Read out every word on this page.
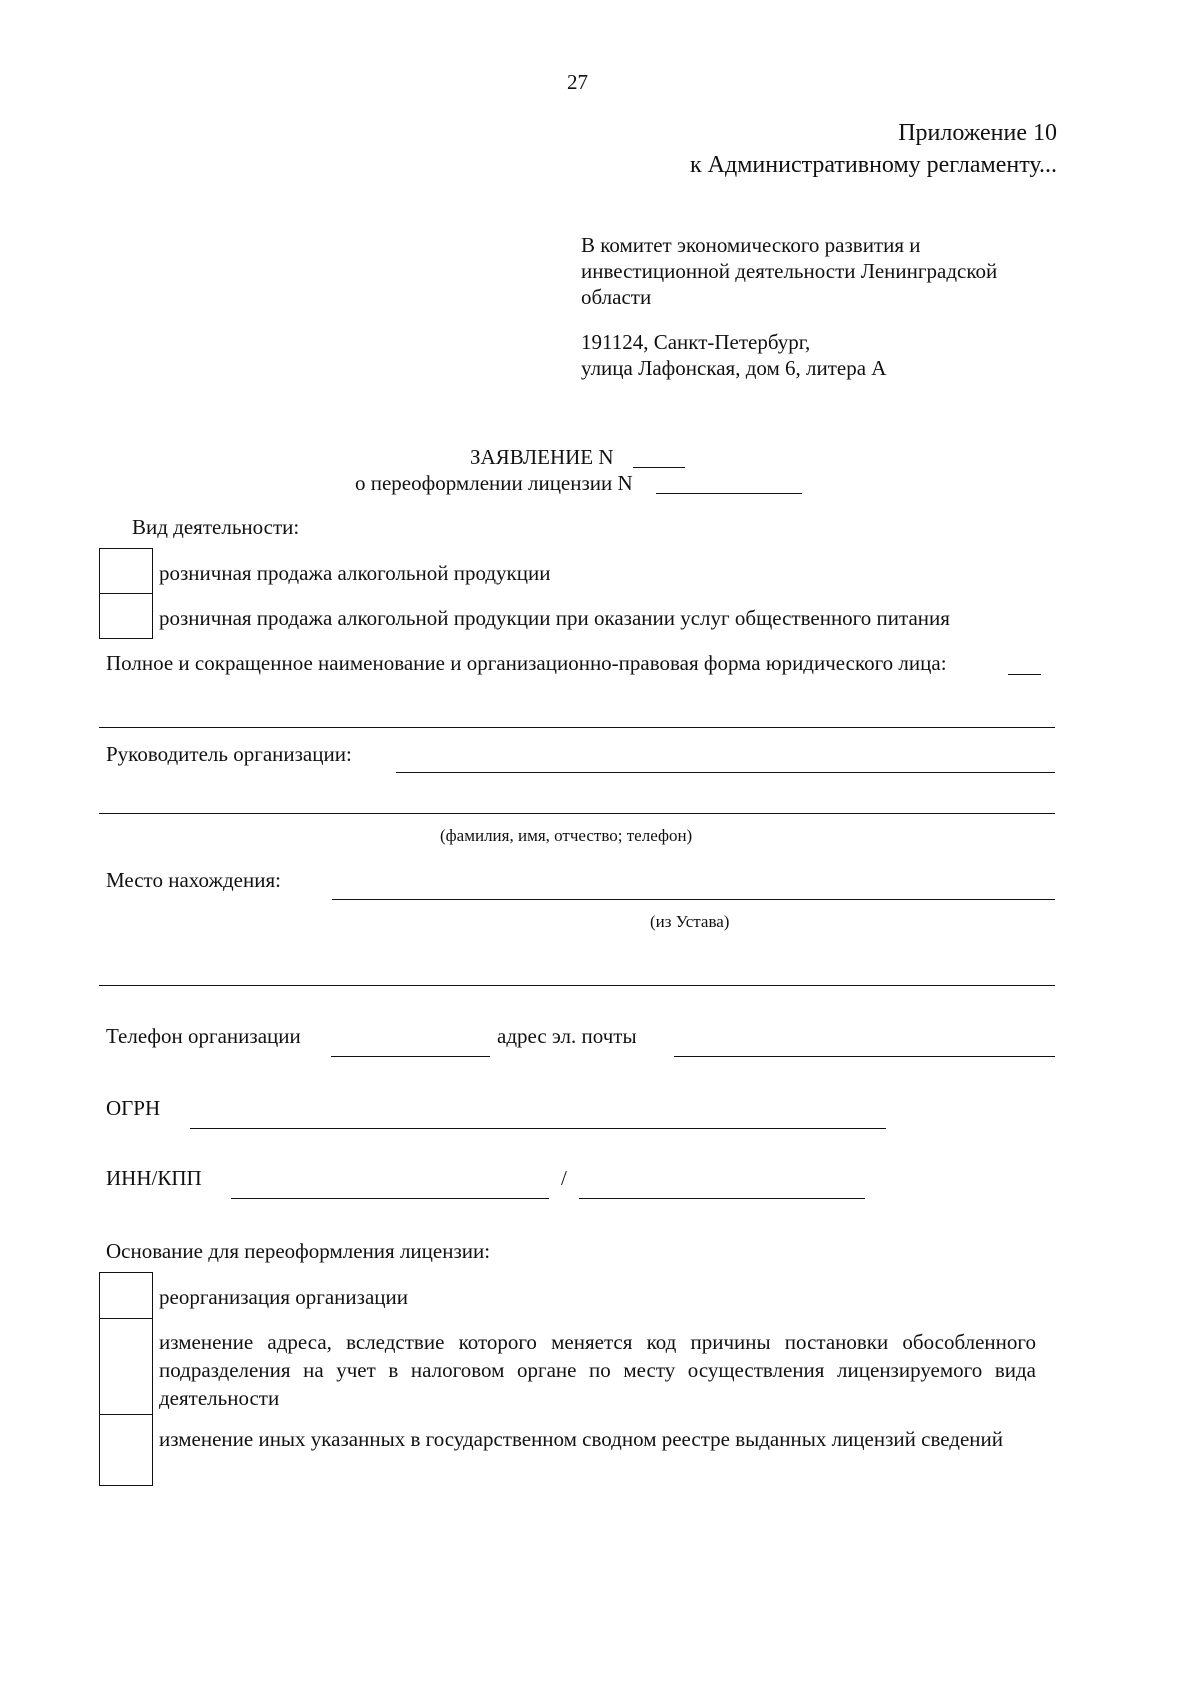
27
Приложение 10
к Административному регламенту...
В комитет экономического развития и
инвестиционной деятельности Ленинградской
области
191124, Санкт-Петербург,
улица Лафонская, дом 6, литера А
ЗАЯВЛЕНИЕ N
о переоформлении лицензии N
Вид деятельности:
розничная продажа алкогольной продукции
розничная продажа алкогольной продукции при оказании услуг общественного питания
Полное и сокращенное наименование и организационно-правовая форма юридического лица:
Руководитель организации:
(фамилия, имя, отчество; телефон)
Место нахождения:
(из Устава)
Телефон организации	адрес эл. почты
ОГРН
ИНН/КПП	/
Основание для переоформления лицензии:
реорганизация организации
изменение адреса, вследствие которого меняется код причины постановки обособленного подразделения на учет в налоговом органе по месту осуществления лицензируемого вида деятельности
изменение иных указанных в государственном сводном реестре выданных лицензий сведений
